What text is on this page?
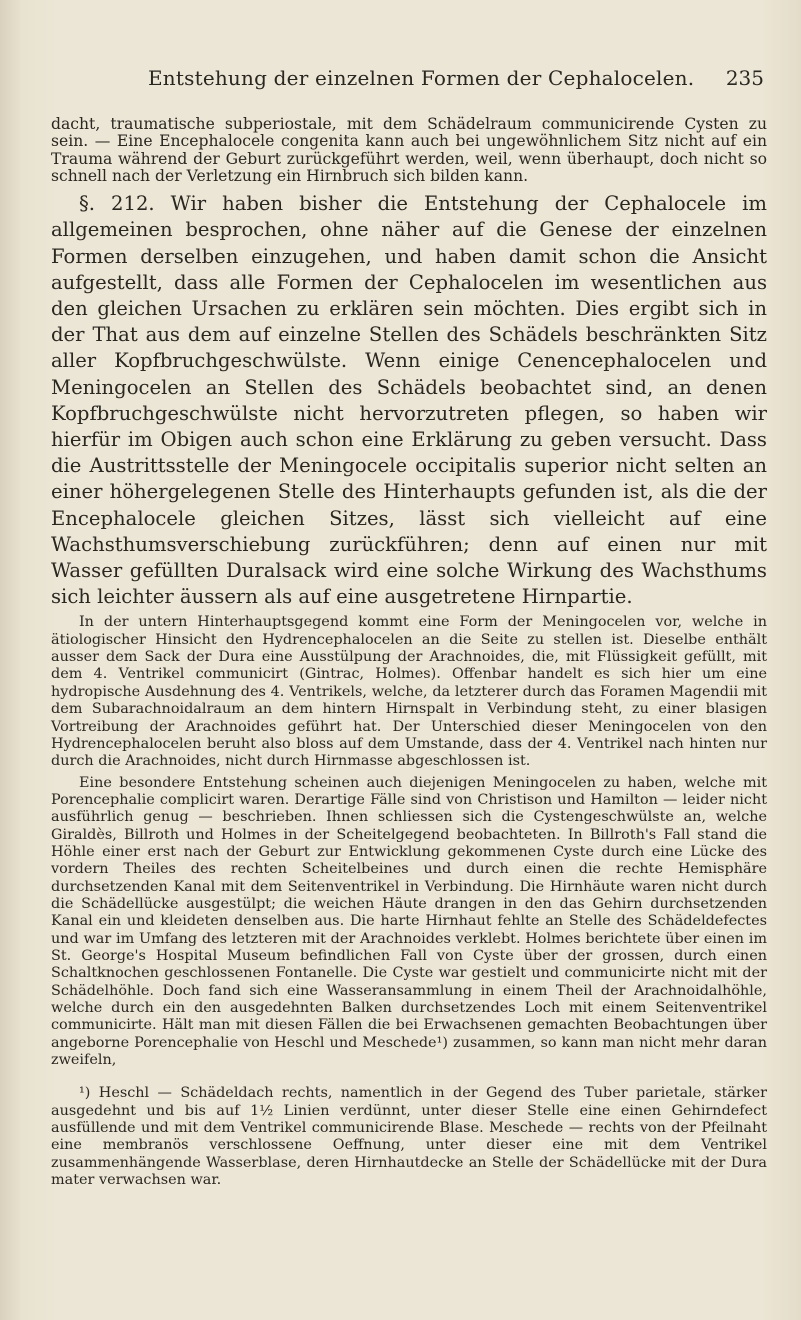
Entstehung der einzelnen Formen der Cephalocelen. 235

dacht, traumatische subperiostale, mit dem Schädelraum communicirende Cysten zu sein. — Eine Encephalocele congenita kann auch bei ungewöhnlichem Sitz nicht auf ein Trauma während der Geburt zurückgeführt werden, weil, wenn überhaupt, doch nicht so schnell nach der Verletzung ein Hirnbruch sich bilden kann.

§. 212. Wir haben bisher die Entstehung der Cephalocele im allgemeinen besprochen, ohne näher auf die Genese der einzelnen Formen derselben einzugehen, und haben damit schon die Ansicht aufgestellt, dass alle Formen der Cephalocelen im wesentlichen aus den gleichen Ursachen zu erklären sein möchten. Dies ergibt sich in der That aus dem auf einzelne Stellen des Schädels beschränkten Sitz aller Kopfbruchgeschwülste. Wenn einige Cenencephalocelen und Meningocelen an Stellen des Schädels beobachtet sind, an denen Kopfbruchgeschwülste nicht hervorzutreten pflegen, so haben wir hierfür im Obigen auch schon eine Erklärung zu geben versucht. Dass die Austrittsstelle der Meningocele occipitalis superior nicht selten an einer höhergelegenen Stelle des Hinterhaupts gefunden ist, als die der Encephalocele gleichen Sitzes, lässt sich vielleicht auf eine Wachsthumsverschiebung zurückführen; denn auf einen nur mit Wasser gefüllten Duralsack wird eine solche Wirkung des Wachsthums sich leichter äussern als auf eine ausgetretene Hirnpartie.

In der untern Hinterhauptsgegend kommt eine Form der Meningocelen vor, welche in ätiologischer Hinsicht den Hydrencephalocelen an die Seite zu stellen ist. Dieselbe enthält ausser dem Sack der Dura eine Ausstülpung der Arachnoides, die, mit Flüssigkeit gefüllt, mit dem 4. Ventrikel communicirt (Gintrac, Holmes). Offenbar handelt es sich hier um eine hydropische Ausdehnung des 4. Ventrikels, welche, da letzterer durch das Foramen Magendii mit dem Subarachnoidalraum an dem hintern Hirnspalt in Verbindung steht, zu einer blasigen Vortreibung der Arachnoides geführt hat. Der Unterschied dieser Meningocelen von den Hydrencephalocelen beruht also bloss auf dem Umstande, dass der 4. Ventrikel nach hinten nur durch die Arachnoides, nicht durch Hirnmasse abgeschlossen ist.

Eine besondere Entstehung scheinen auch diejenigen Meningocelen zu haben, welche mit Porencephalie complicirt waren. Derartige Fälle sind von Christison und Hamilton — leider nicht ausführlich genug — beschrieben. Ihnen schliessen sich die Cystengeschwülste an, welche Giraldès, Billroth und Holmes in der Scheitelgegend beobachteten. In Billroth's Fall stand die Höhle einer erst nach der Geburt zur Entwicklung gekommenen Cyste durch eine Lücke des vordern Theiles des rechten Scheitelbeines und durch einen die rechte Hemisphäre durchsetzenden Kanal mit dem Seitenventrikel in Verbindung. Die Hirnhäute waren nicht durch die Schädellücke ausgestülpt; die weichen Häute drangen in den das Gehirn durchsetzenden Kanal ein und kleideten denselben aus. Die harte Hirnhaut fehlte an Stelle des Schädeldefectes und war im Umfang des letzteren mit der Arachnoides verklebt. Holmes berichtete über einen im St. George's Hospital Museum befindlichen Fall von Cyste über der grossen, durch einen Schaltknochen geschlossenen Fontanelle. Die Cyste war gestielt und communicirte nicht mit der Schädelhöhle. Doch fand sich eine Wasseransammlung in einem Theil der Arachnoidalhöhle, welche durch ein den ausgedehnten Balken durchsetzendes Loch mit einem Seitenventrikel communicirte. Hält man mit diesen Fällen die bei Erwachsenen gemachten Beobachtungen über angeborne Porencephalie von Heschl und Meschede¹) zusammen, so kann man nicht mehr daran zweifeln,

¹) Heschl — Schädeldach rechts, namentlich in der Gegend des Tuber parietale, stärker ausgedehnt und bis auf 1½ Linien verdünnt, unter dieser Stelle eine einen Gehirndefect ausfüllende und mit dem Ventrikel communicirende Blase. Meschede — rechts von der Pfeilnaht eine membranös verschlossene Oeffnung, unter dieser eine mit dem Ventrikel zusammenhängende Wasserblase, deren Hirnhautdecke an Stelle der Schädellücke mit der Dura mater verwachsen war.
